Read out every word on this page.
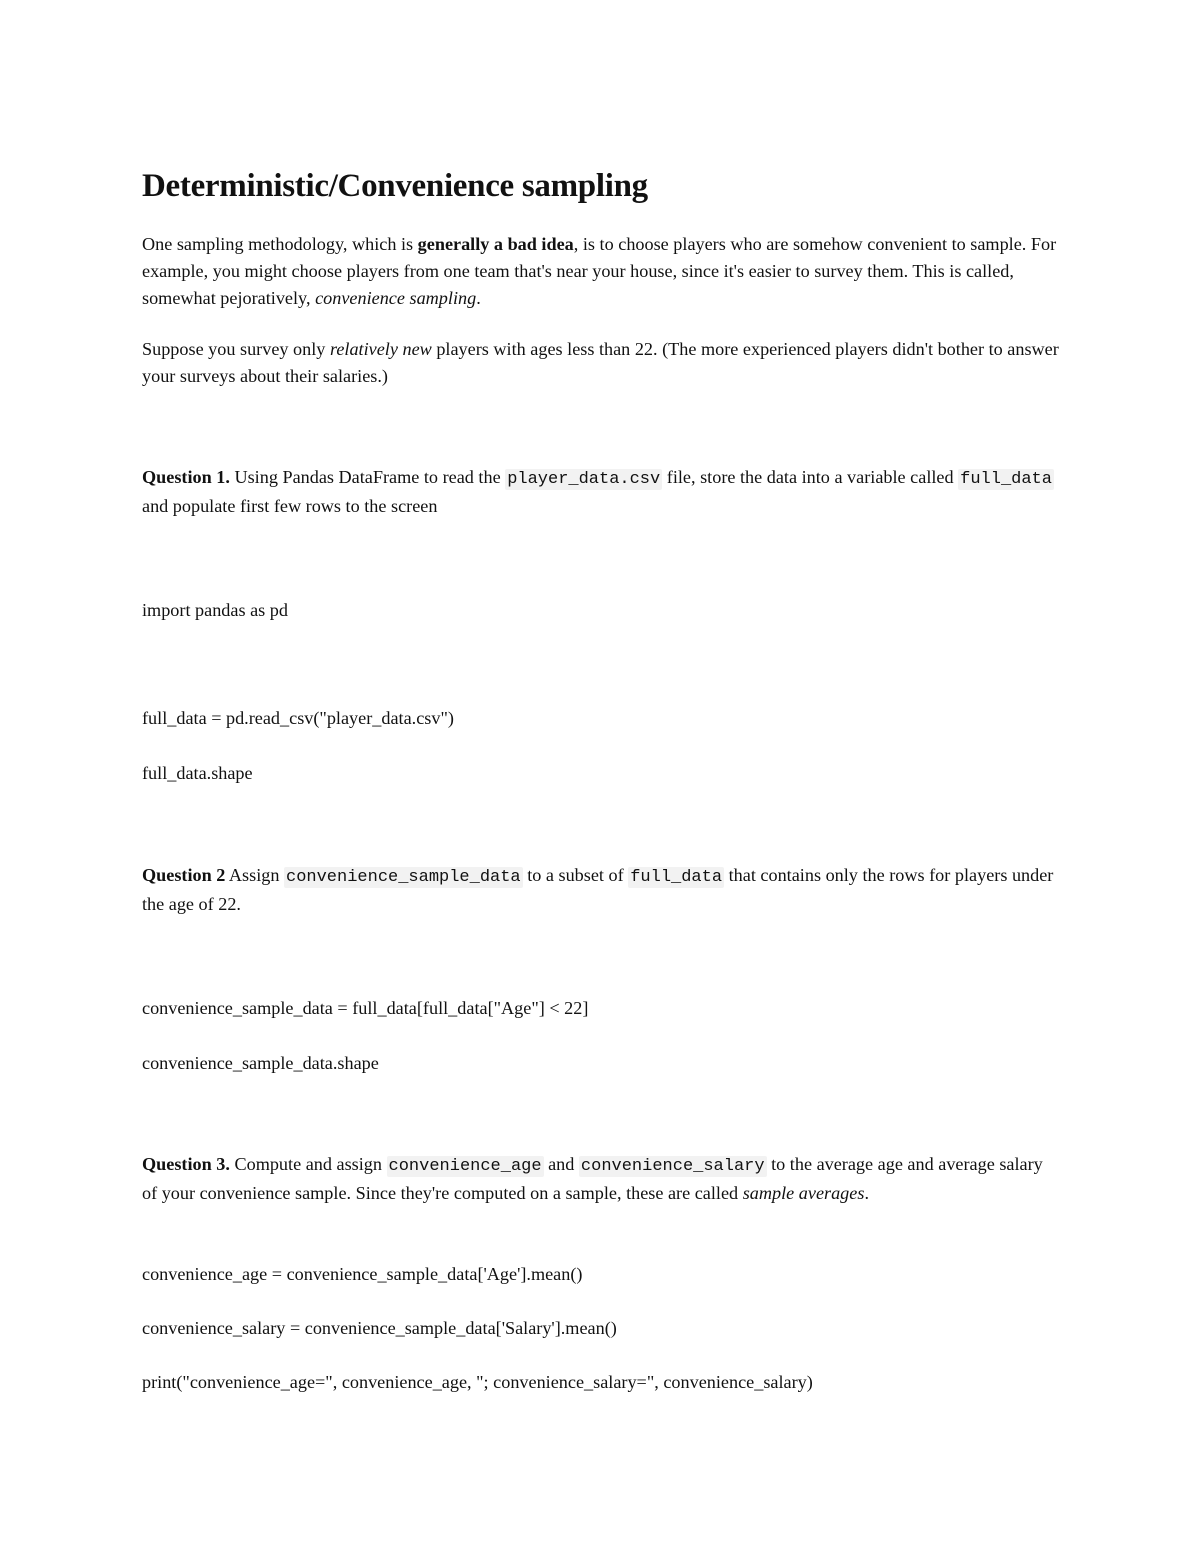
Deterministic/Convenience sampling

One sampling methodology, which is generally a bad idea, is to choose players who are somehow convenient to sample. For example, you might choose players from one team that's near your house, since it's easier to survey them. This is called, somewhat pejoratively, convenience sampling.

Suppose you survey only relatively new players with ages less than 22. (The more experienced players didn't bother to answer your surveys about their salaries.)

Question 1. Using Pandas DataFrame to read the player_data.csv file, store the data into a variable called full_data and populate first few rows to the screen

import pandas as pd
full_data = pd.read_csv("player_data.csv")
full_data.shape

Question 2 Assign convenience_sample_data to a subset of full_data that contains only the rows for players under the age of 22.

convenience_sample_data = full_data[full_data["Age"] < 22]
convenience_sample_data.shape

Question 3. Compute and assign convenience_age and convenience_salary to the average age and average salary of your convenience sample. Since they're computed on a sample, these are called sample averages.

convenience_age = convenience_sample_data['Age'].mean()
convenience_salary = convenience_sample_data['Salary'].mean()
print("convenience_age=", convenience_age, "; convenience_salary=", convenience_salary)
